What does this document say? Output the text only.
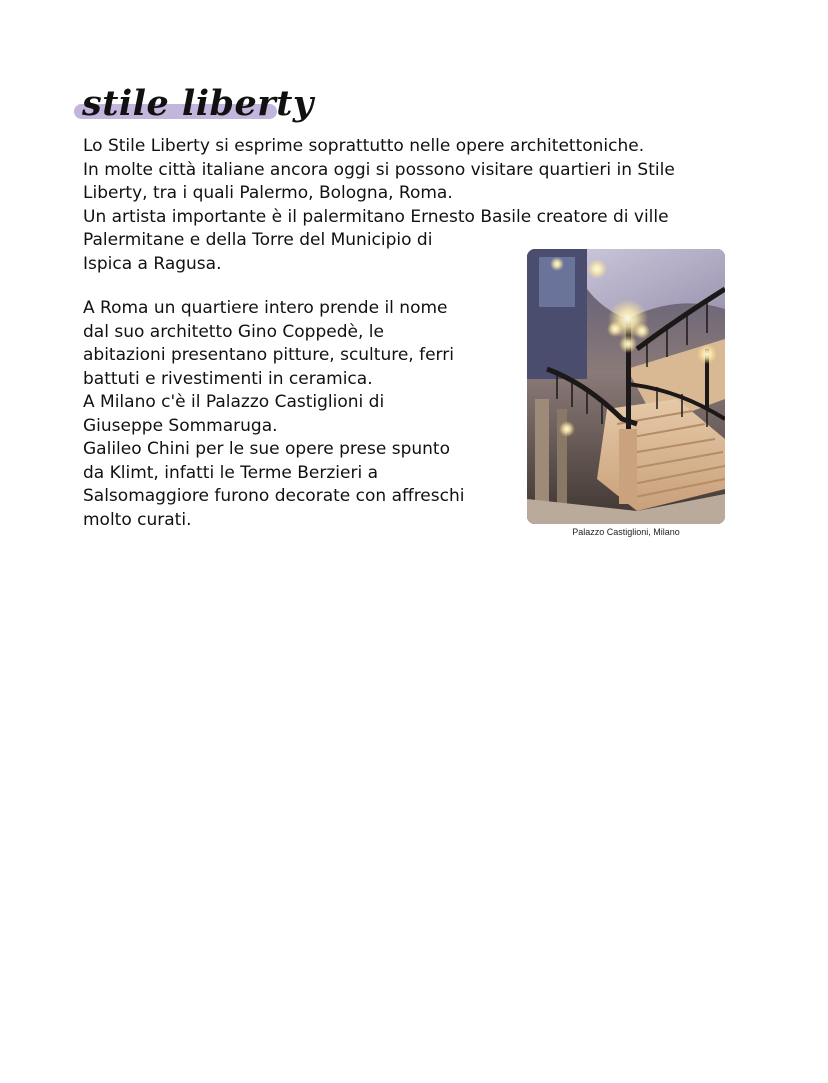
stile liberty
Lo Stile Liberty si esprime soprattutto nelle opere architettoniche.
In molte città italiane ancora oggi si possono visitare quartieri in Stile
Liberty, tra i quali Palermo, Bologna, Roma.
Un artista importante è il palermitano Ernesto Basile creatore di ville
Palermitane e della Torre del Municipio di
Ispica a Ragusa.
A Roma un quartiere intero prende il nome
dal suo architetto Gino Coppedè, le
abitazioni presentano pitture, sculture, ferri
battuti e rivestimenti in ceramica.
A Milano c'è il Palazzo Castiglioni di
Giuseppe Sommaruga.
Galileo Chini per le sue opere prese spunto
da Klimt, infatti le Terme Berzieri a
Salsomaggiore furono decorate con affreschi
molto curati.

Palazzo Castiglioni, Milano
